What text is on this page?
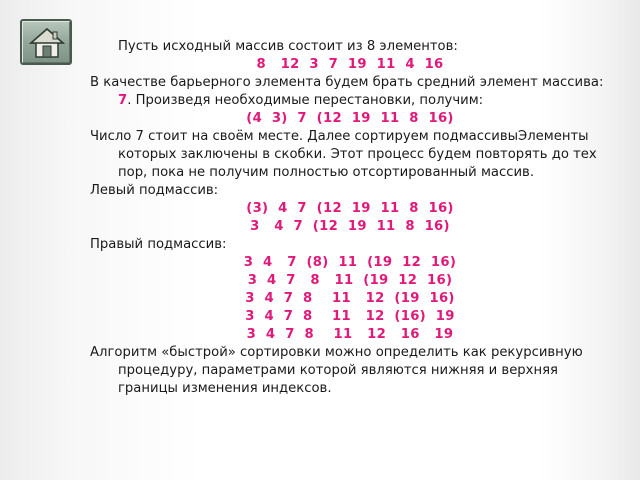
Пусть исходный массив состоит из 8 элементов:

8   12  3  7  19  11  4  16

В качестве барьерного элемента будем брать средний элемент массива: 7. Произведя необходимые перестановки, получим:

(4  3)  7  (12  19  11  8  16)

Число 7 стоит на своём месте. Далее сортируем подмассивыЭлементы которых заключены в скобки. Этот процесс будем повторять до тех пор, пока не получим полностью отсортированный массив.

Левый подмассив:

(3)  4  7  (12  19  11  8  16)

3   4  7  (12  19  11  8  16)

Правый подмассив:

3  4   7  (8)  11  (19  12  16)

3  4  7   8   11  (19  12  16)

3  4  7  8    11   12  (19  16)

3  4  7  8    11   12  (16)  19

3  4  7  8    11   12   16   19

Алгоритм «быстрой» сортировки можно определить как рекурсивную процедуру, параметрами которой являются нижняя и верхняя границы изменения индексов.
